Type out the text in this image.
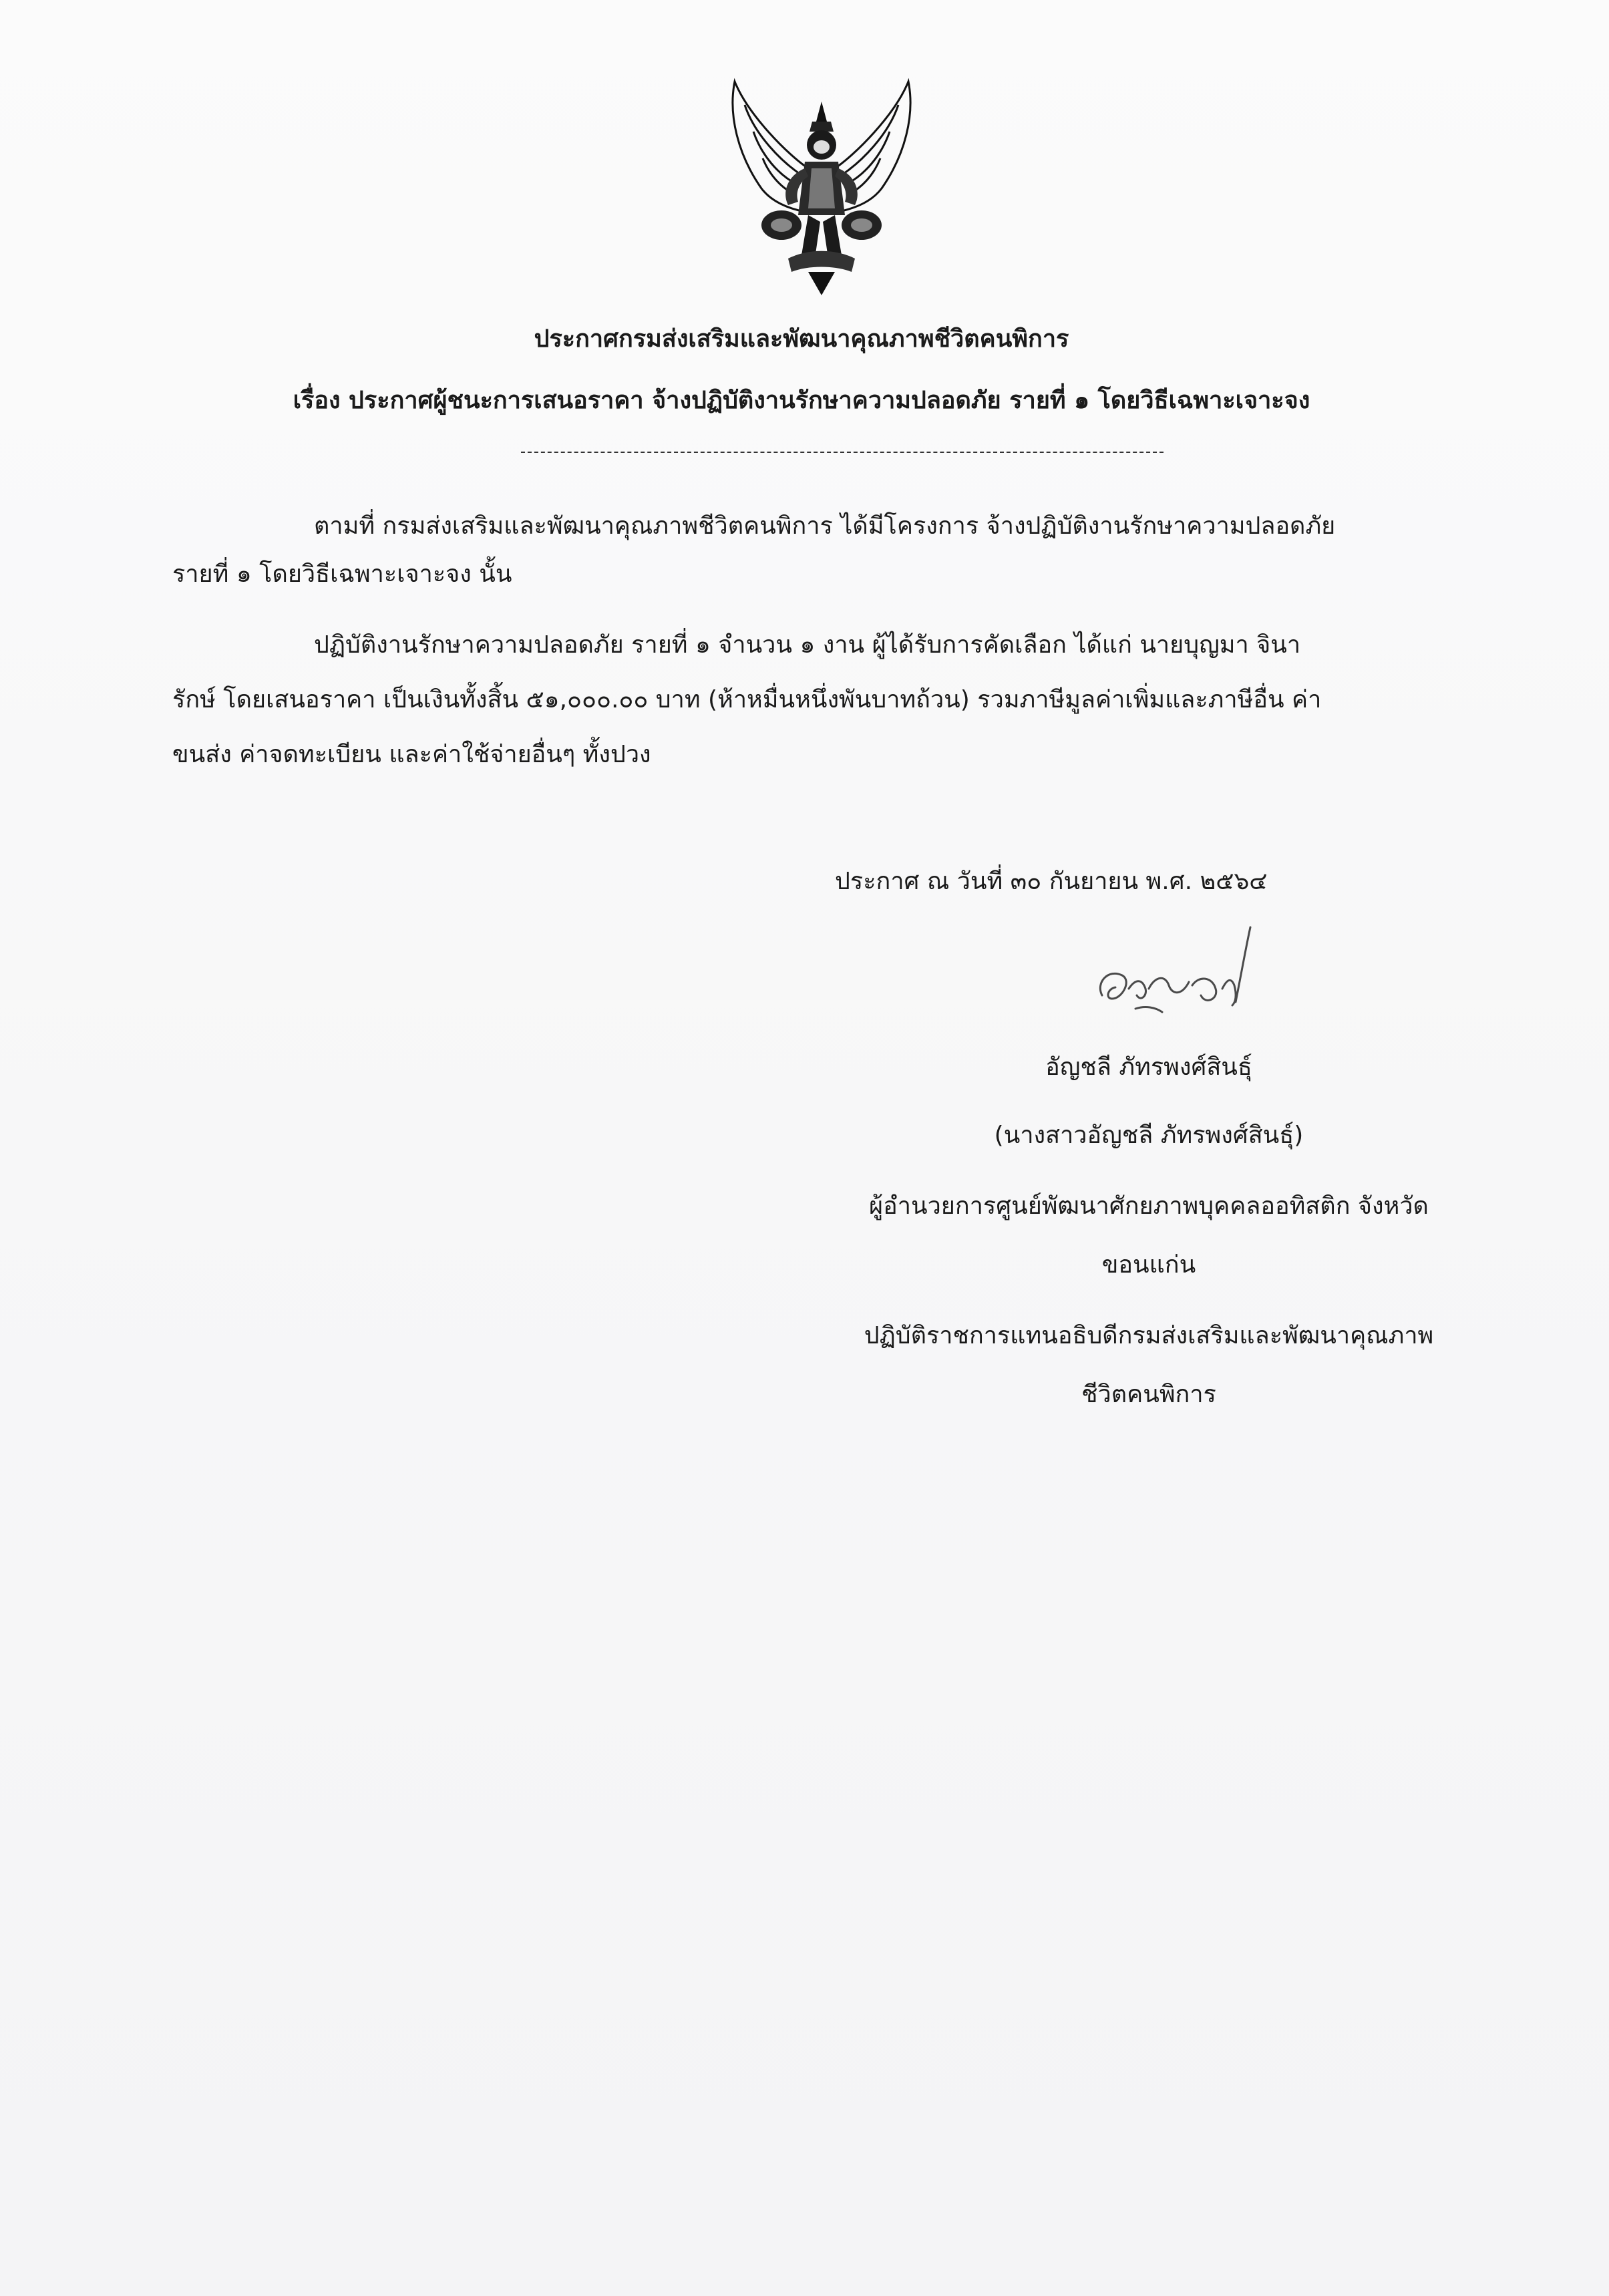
ประกาศกรมส่งเสริมและพัฒนาคุณภาพชีวิตคนพิการ
เรื่อง ประกาศผู้ชนะการเสนอราคา จ้างปฏิบัติงานรักษาความปลอดภัย รายที่ ๑ โดยวิธีเฉพาะเจาะจง
ตามที่ กรมส่งเสริมและพัฒนาคุณภาพชีวิตคนพิการ ได้มีโครงการ จ้างปฏิบัติงานรักษาความปลอดภัย
รายที่ ๑ โดยวิธีเฉพาะเจาะจง นั้น
ปฏิบัติงานรักษาความปลอดภัย รายที่ ๑ จำนวน ๑ งาน ผู้ได้รับการคัดเลือก ได้แก่ นายบุญมา จินา
รักษ์ โดยเสนอราคา เป็นเงินทั้งสิ้น ๕๑,๐๐๐.๐๐ บาท (ห้าหมื่นหนึ่งพันบาทถ้วน) รวมภาษีมูลค่าเพิ่มและภาษีอื่น ค่า
ขนส่ง ค่าจดทะเบียน และค่าใช้จ่ายอื่นๆ ทั้งปวง
ประกาศ ณ วันที่ ๓๐ กันยายน พ.ศ. ๒๕๖๔
อัญชลี ภัทรพงศ์สินธุ์
(นางสาวอัญชลี ภัทรพงศ์สินธุ์)
ผู้อำนวยการศูนย์พัฒนาศักยภาพบุคคลออทิสติก จังหวัด
ขอนแก่น
ปฏิบัติราชการแทนอธิบดีกรมส่งเสริมและพัฒนาคุณภาพ
ชีวิตคนพิการ
